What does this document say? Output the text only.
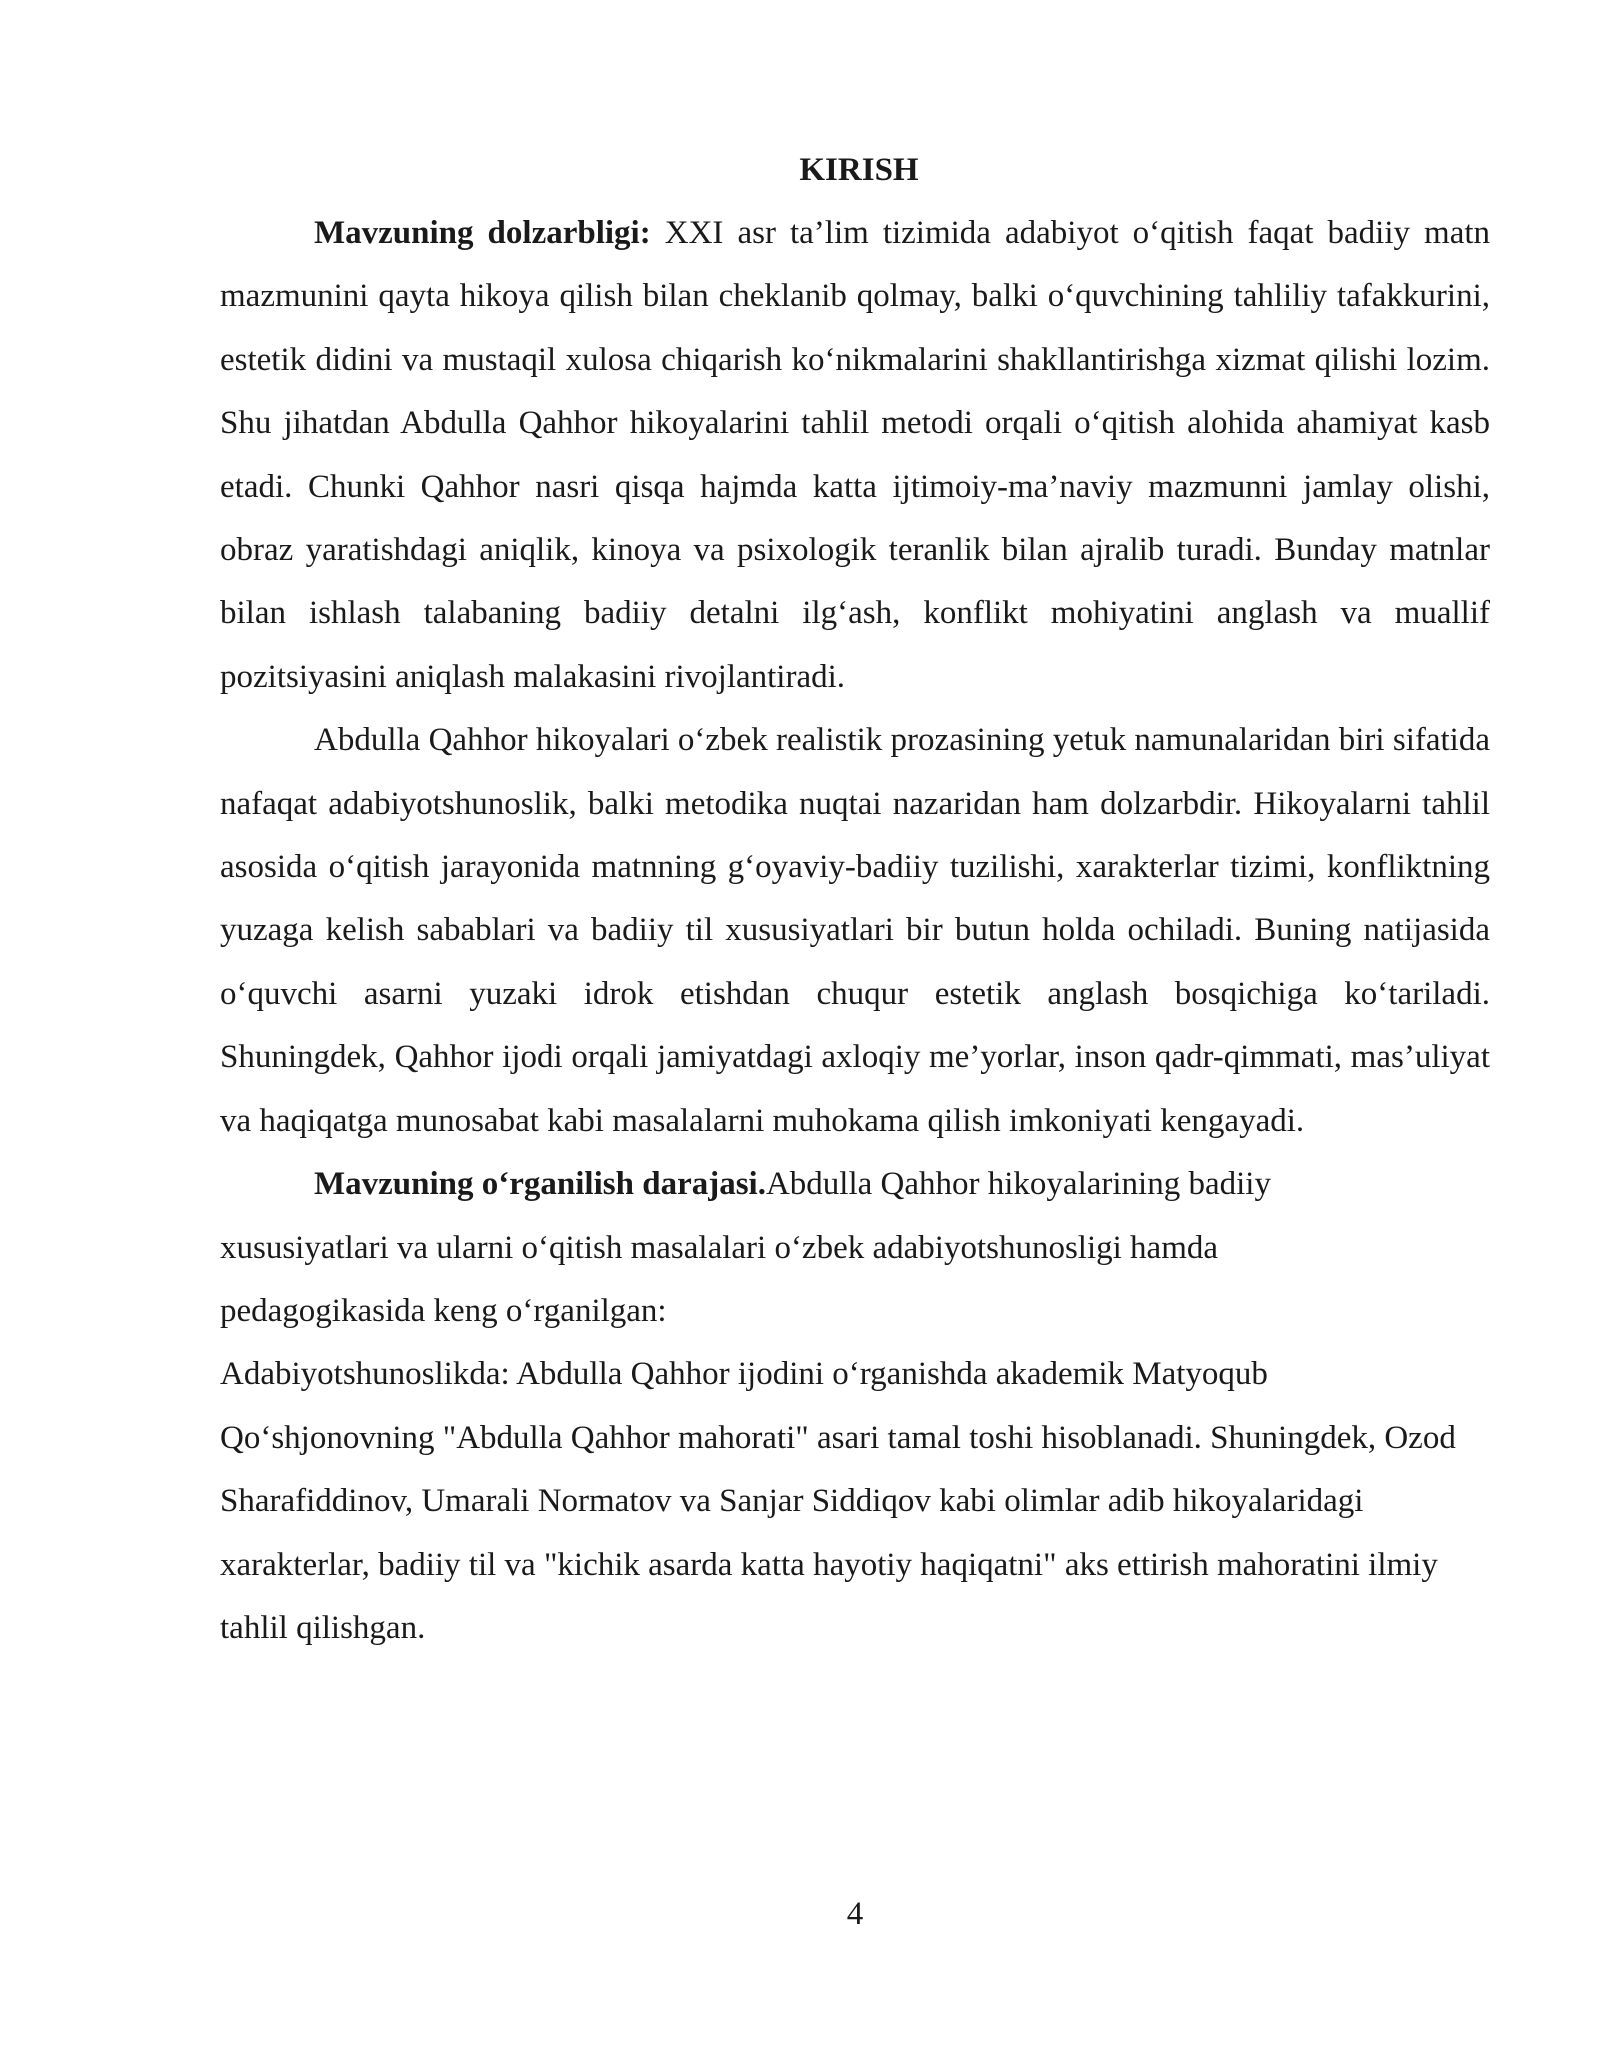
KIRISH

Mavzuning dolzarbligi: XXI asr ta’lim tizimida adabiyot o‘qitish faqat badiiy matn mazmunini qayta hikoya qilish bilan cheklanib qolmay, balki o‘quvchining tahliliy tafakkurini, estetik didini va mustaqil xulosa chiqarish ko‘nikmalarini shakllantirishga xizmat qilishi lozim. Shu jihatdan Abdulla Qahhor hikoyalarini tahlil metodi orqali o‘qitish alohida ahamiyat kasb etadi. Chunki Qahhor nasri qisqa hajmda katta ijtimoiy-ma’naviy mazmunni jamlay olishi, obraz yaratishdagi aniqlik, kinoya va psixologik teranlik bilan ajralib turadi. Bunday matnlar bilan ishlash talabaning badiiy detalni ilg‘ash, konflikt mohiyatini anglash va muallif pozitsiyasini aniqlash malakasini rivojlantiradi.

Abdulla Qahhor hikoyalari o‘zbek realistik prozasining yetuk namunalaridan biri sifatida nafaqat adabiyotshunoslik, balki metodika nuqtai nazaridan ham dolzarbdir. Hikoyalarni tahlil asosida o‘qitish jarayonida matnning g‘oyaviy-badiiy tuzilishi, xarakterlar tizimi, konfliktning yuzaga kelish sabablari va badiiy til xususiyatlari bir butun holda ochiladi. Buning natijasida o‘quvchi asarni yuzaki idrok etishdan chuqur estetik anglash bosqichiga ko‘tariladi. Shuningdek, Qahhor ijodi orqali jamiyatdagi axloqiy me’yorlar, inson qadr-qimmati, mas’uliyat va haqiqatga munosabat kabi masalalarni muhokama qilish imkoniyati kengayadi.

Mavzuning o‘rganilish darajasi.Abdulla Qahhor hikoyalarining badiiy xususiyatlari va ularni o‘qitish masalalari o‘zbek adabiyotshunosligi hamda pedagogikasida keng o‘rganilgan:

Adabiyotshunoslikda: Abdulla Qahhor ijodini o‘rganishda akademik Matyoqub Qo‘shjonovning "Abdulla Qahhor mahorati" asari tamal toshi hisoblanadi. Shuningdek, Ozod Sharafiddinov, Umarali Normatov va Sanjar Siddiqov kabi olimlar adib hikoyalaridagi xarakterlar, badiiy til va "kichik asarda katta hayotiy haqiqatni" aks ettirish mahoratini ilmiy tahlil qilishgan.

4
